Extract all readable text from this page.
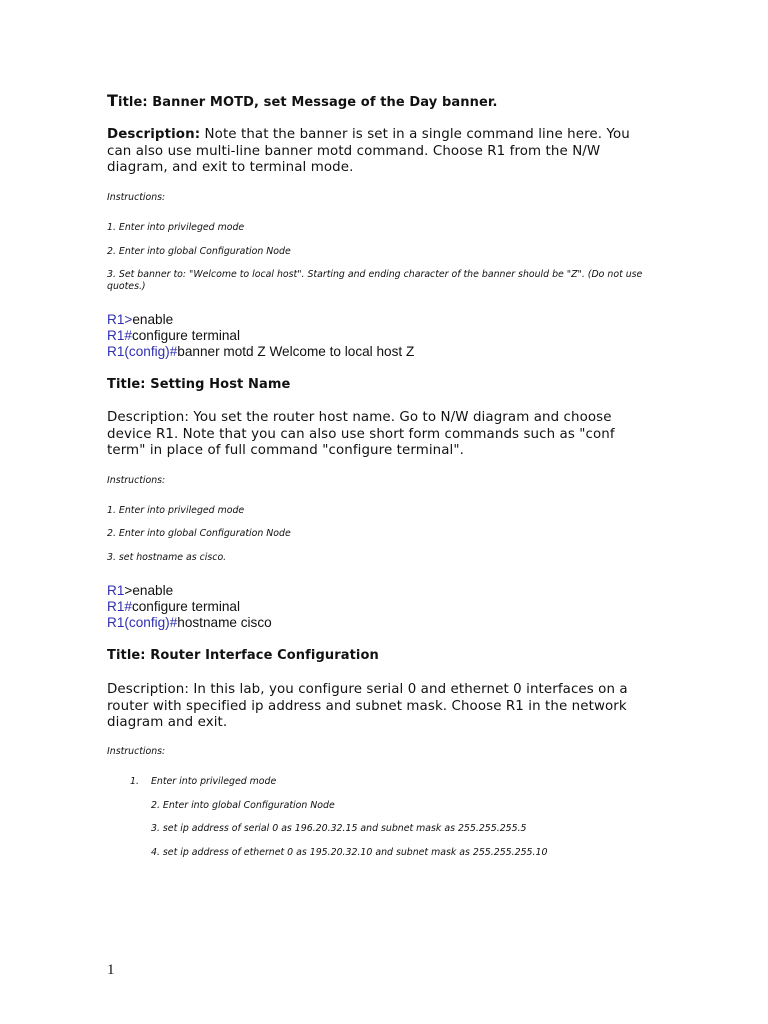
Title: Banner MOTD, set Message of the Day banner.
Description: Note that the banner is set in a single command line here. You can also use multi-line banner motd command. Choose R1 from the N/W diagram, and exit to terminal mode.
Instructions:
1. Enter into privileged mode
2. Enter into global Configuration Node
3. Set banner to: "Welcome to local host". Starting and ending character of the banner should be "Z". (Do not use quotes.)
R1>enable
R1#configure terminal
R1(config)#banner motd Z Welcome to local host Z
Title: Setting Host Name
Description: You set the router host name. Go to N/W diagram and choose device R1. Note that you can also use short form commands such as "conf term" in place of full command "configure terminal".
Instructions:
1. Enter into privileged mode
2. Enter into global Configuration Node
3. set hostname as cisco.
R1>enable
R1#configure terminal
R1(config)#hostname cisco
Title: Router Interface Configuration
Description: In this lab, you configure serial 0 and ethernet 0 interfaces on a router with specified ip address and subnet mask. Choose R1 in the network diagram and exit.
Instructions:
1. Enter into privileged mode
2. Enter into global Configuration Node
3. set ip address of serial 0 as 196.20.32.15 and subnet mask as 255.255.255.5
4. set ip address of ethernet 0 as 195.20.32.10 and subnet mask as 255.255.255.10
1
